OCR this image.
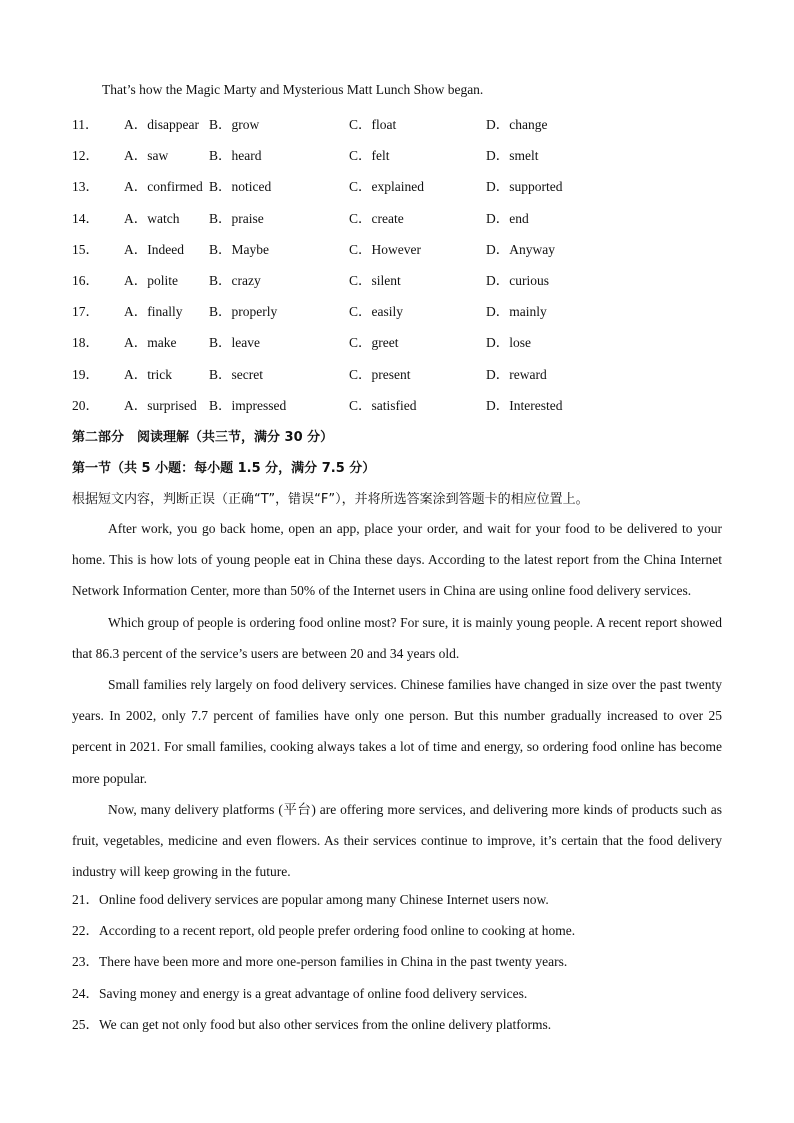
That’s how the Magic Marty and Mysterious Matt Lunch Show began.
11． A．disappear B．grow	C．float	D．change
12． A．saw	B．heard	C．felt	D．smelt
13． A．confirmed B．noticed	C．explained	D．supported
14． A．watch B．praise	C．create	D．end
15． A．Indeed B．Maybe	C．However	D．Anyway
16． A．polite B．crazy	C．silent	D．curious
17． A．finally B．properly	C．easily	D．mainly
18． A．make B．leave	C．greet	D．lose
19． A．trick	B．secret	C．present	D．reward
20． A．surprised B．impressed	C．satisfied	D．Interested
第二部分　阅读理解（共三节，满分 30 分）
第一节（共 5 小题：每小题 1.5 分，满分 7.5 分）
根据短文内容，判断正误（正确“T”，错误“F”），并将所选答案涂到答题卡的相应位置上。

After work, you go back home, open an app, place your order, and wait for your food to be delivered to your home. This is how lots of young people eat in China these days. According to the latest report from the China Internet Network Information Center, more than 50% of the Internet users in China are using online food delivery services.

Which group of people is ordering food online most? For sure, it is mainly young people. A recent report showed that 86.3 percent of the service’s users are between 20 and 34 years old.

Small families rely largely on food delivery services. Chinese families have changed in size over the past twenty years. In 2002, only 7.7 percent of families have only one person. But this number gradually increased to over 25 percent in 2021. For small families, cooking always takes a lot of time and energy, so ordering food online has become more popular.

Now, many delivery platforms (平台) are offering more services, and delivering more kinds of products such as fruit, vegetables, medicine and even flowers. As their services continue to improve, it’s certain that the food delivery industry will keep growing in the future.

21．Online food delivery services are popular among many Chinese Internet users now.
22．According to a recent report, old people prefer ordering food online to cooking at home.
23．There have been more and more one-person families in China in the past twenty years.
24．Saving money and energy is a great advantage of online food delivery services.
25．We can get not only food but also other services from the online delivery platforms.
